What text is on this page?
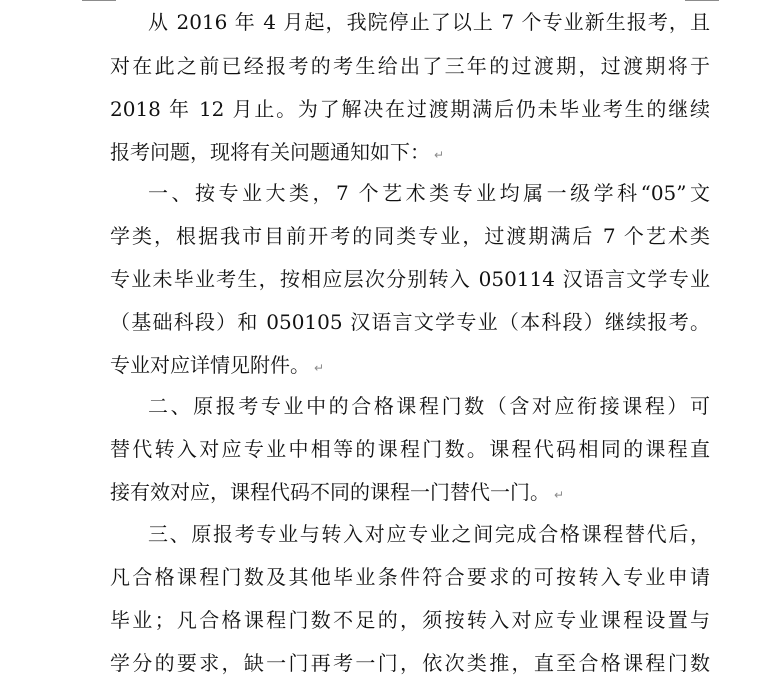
从 2016 年 4 月起，我院停止了以上 7 个专业新生报考，且
对在此之前已经报考的考生给出了三年的过渡期，过渡期将于
2018 年 12 月止。为了解决在过渡期满后仍未毕业考生的继续
报考问题，现将有关问题通知如下： ↵
一、按专业大类，7 个艺术类专业均属一级学科“05”文
学类，根据我市目前开考的同类专业，过渡期满后 7 个艺术类
专业未毕业考生，按相应层次分别转入 050114 汉语言文学专业
（基础科段）和 050105 汉语言文学专业（本科段）继续报考。
专业对应详情见附件。 ↵
二、原报考专业中的合格课程门数（含对应衔接课程）可
替代转入对应专业中相等的课程门数。课程代码相同的课程直
接有效对应，课程代码不同的课程一门替代一门。 ↵
三、原报考专业与转入对应专业之间完成合格课程替代后，
凡合格课程门数及其他毕业条件符合要求的可按转入专业申请
毕业；凡合格课程门数不足的，须按转入对应专业课程设置与
学分的要求，缺一门再考一门，依次类推，直至合格课程门数
